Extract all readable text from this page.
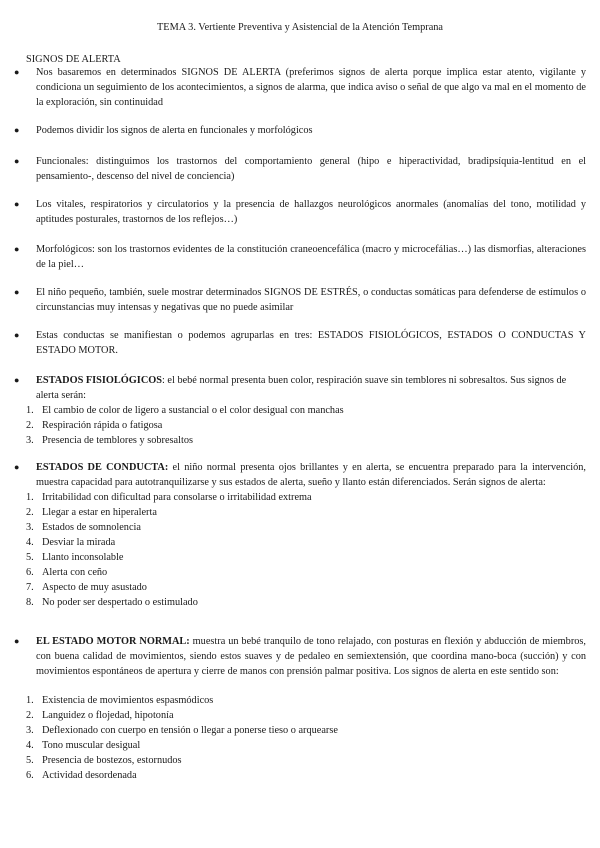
TEMA 3. Vertiente Preventiva y Asistencial de la Atención Temprana
SIGNOS DE ALERTA
● Nos basaremos en determinados SIGNOS DE ALERTA (preferimos signos de alerta porque implica estar atento, vigilante y condiciona un seguimiento de los acontecimientos, a signos de alarma, que indica aviso o señal de que algo va mal en el momento de la exploración, sin continuidad
● Podemos dividir los signos de alerta en funcionales y morfológicos
● Funcionales: distinguimos los trastornos del comportamiento general (hipo e hiperactividad, bradipsíquia-lentitud en el pensamiento-, descenso del nivel de conciencia)
● Los vitales, respiratorios y circulatorios y la presencia de hallazgos neurológicos anormales (anomalías del tono, motilidad y aptitudes posturales, trastornos de los reflejos…)
● Morfológicos: son los trastornos evidentes de la constitución craneoencefálica (macro y microcefálias…) las dismorfias, alteraciones de la piel…
● El niño pequeño, también, suele mostrar determinados SIGNOS DE ESTRÉS, o conductas somáticas para defenderse de estímulos o circunstancias muy intensas y negativas que no puede asimilar
● Estas conductas se manifiestan o podemos agruparlas en tres: ESTADOS FISIOLÓGICOS, ESTADOS O CONDUCTAS Y ESTADO MOTOR.
● ESTADOS FISIOLÓGICOS: el bebé normal presenta buen color, respiración suave sin temblores ni sobresaltos. Sus signos de alerta serán:
1. El cambio de color de ligero a sustancial o el color desigual con manchas
2. Respiración rápida o fatigosa
3. Presencia de temblores y sobresaltos
● ESTADOS DE CONDUCTA: el niño normal presenta ojos brillantes y en alerta, se encuentra preparado para la intervención, muestra capacidad para autotranquilizarse y sus estados de alerta, sueño y llanto están diferenciados. Serán signos de alerta:
1. Irritabilidad con dificultad para consolarse o irritabilidad extrema
2. Llegar a estar en hiperalerta
3. Estados de somnolencia
4. Desviar la mirada
5. Llanto inconsolable
6. Alerta con ceño
7. Aspecto de muy asustado
8. No poder ser despertado o estimulado
● EL ESTADO MOTOR NORMAL: muestra un bebé tranquilo de tono relajado, con posturas en flexión y abducción de miembros, con buena calidad de movimientos, siendo estos suaves y de pedaleo en semiextensión, que coordina mano-boca (succión) y con movimientos espontáneos de apertura y cierre de manos con prensión palmar positiva. Los signos de alerta en este sentido son:
1. Existencia de movimientos espasmódicos
2. Languidez o flojedad, hipotonía
3. Deflexionado con cuerpo en tensión o llegar a ponerse tieso o arquearse
4. Tono muscular desigual
5. Presencia de bostezos, estornudos
6. Actividad desordenada
